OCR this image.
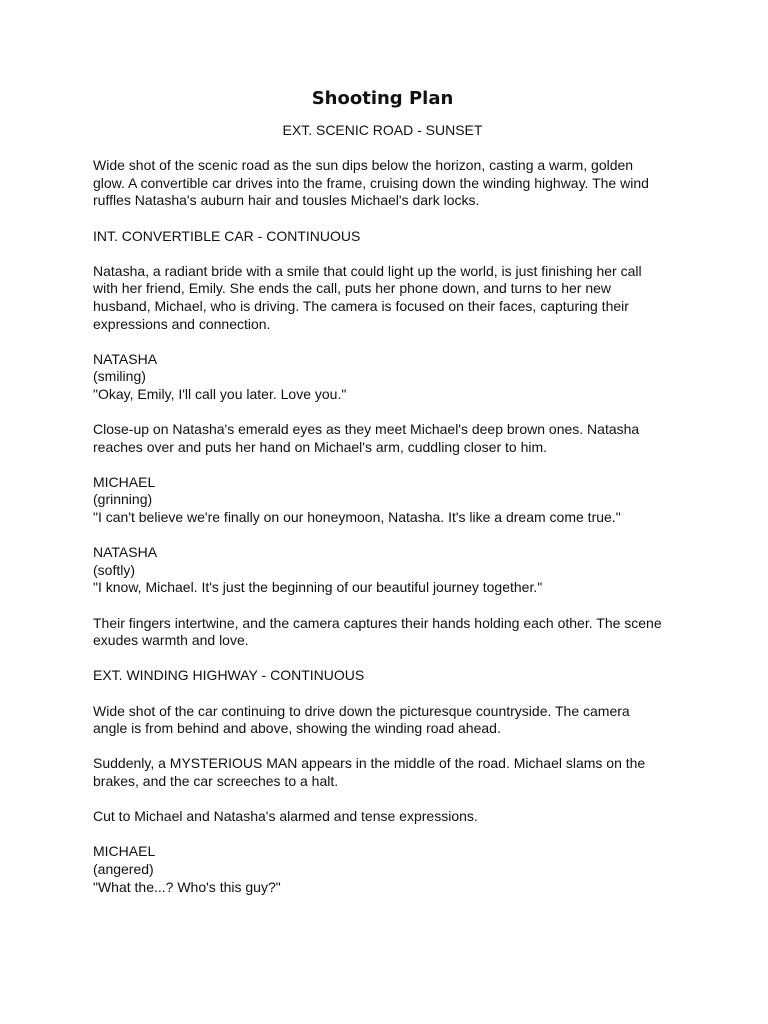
Shooting Plan
EXT. SCENIC ROAD - SUNSET
Wide shot of the scenic road as the sun dips below the horizon, casting a warm, golden
glow. A convertible car drives into the frame, cruising down the winding highway. The wind
ruffles Natasha's auburn hair and tousles Michael's dark locks.
INT. CONVERTIBLE CAR - CONTINUOUS
Natasha, a radiant bride with a smile that could light up the world, is just finishing her call
with her friend, Emily. She ends the call, puts her phone down, and turns to her new
husband, Michael, who is driving. The camera is focused on their faces, capturing their
expressions and connection.
NATASHA
(smiling)
"Okay, Emily, I'll call you later. Love you."
Close-up on Natasha's emerald eyes as they meet Michael's deep brown ones. Natasha
reaches over and puts her hand on Michael's arm, cuddling closer to him.
MICHAEL
(grinning)
"I can't believe we're finally on our honeymoon, Natasha. It's like a dream come true."
NATASHA
(softly)
"I know, Michael. It's just the beginning of our beautiful journey together."
Their fingers intertwine, and the camera captures their hands holding each other. The scene
exudes warmth and love.
EXT. WINDING HIGHWAY - CONTINUOUS
Wide shot of the car continuing to drive down the picturesque countryside. The camera
angle is from behind and above, showing the winding road ahead.
Suddenly, a MYSTERIOUS MAN appears in the middle of the road. Michael slams on the
brakes, and the car screeches to a halt.
Cut to Michael and Natasha's alarmed and tense expressions.
MICHAEL
(angered)
"What the...? Who's this guy?"
